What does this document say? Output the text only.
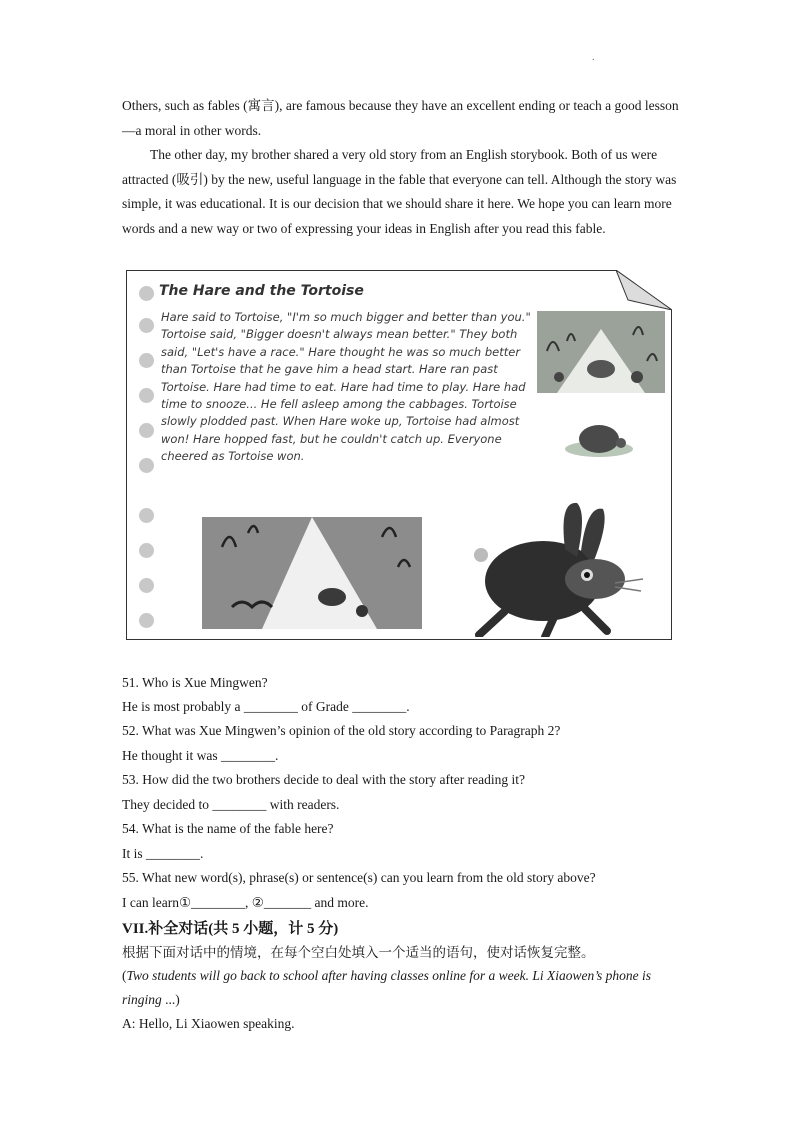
.
Others, such as fables (寓言), are famous because they have an excellent ending or teach a good lesson—a moral in other words.
The other day, my brother shared a very old story from an English storybook. Both of us were attracted (吸引) by the new, useful language in the fable that everyone can tell. Although the story was simple, it was educational. It is our decision that we should share it here. We hope you can learn more words and a new way or two of expressing your ideas in English after you read this fable.
The Hare and the Tortoise
Hare said to Tortoise, "I'm so much bigger and better than you." Tortoise said, "Bigger doesn't always mean better." They both said, "Let's have a race." Hare thought he was so much better than Tortoise that he gave him a head start. Hare ran past Tortoise. Hare had time to eat. Hare had time to play. Hare had time to snooze... He fell asleep among the cabbages. Tortoise slowly plodded past. When Hare woke up, Tortoise had almost won! Hare hopped fast, but he couldn't catch up. Everyone cheered as Tortoise won.
51. Who is Xue Mingwen?
He is most probably a ________ of Grade ________.
52. What was Xue Mingwen’s opinion of the old story according to Paragraph 2?
He thought it was ________.
53. How did the two brothers decide to deal with the story after reading it?
They decided to ________ with readers.
54. What is the name of the fable here?
It is ________.
55. What new word(s), phrase(s) or sentence(s) can you learn from the old story above?
I can learn①________, ②_______ and more.
VII.补全对话(共 5 小题，计 5 分)
根据下面对话中的情境，在每个空白处填入一个适当的语句，使对话恢复完整。
(Two students will go back to school after having classes online for a week. Li Xiaowen’s phone is ringing ...)
A: Hello, Li Xiaowen speaking.
